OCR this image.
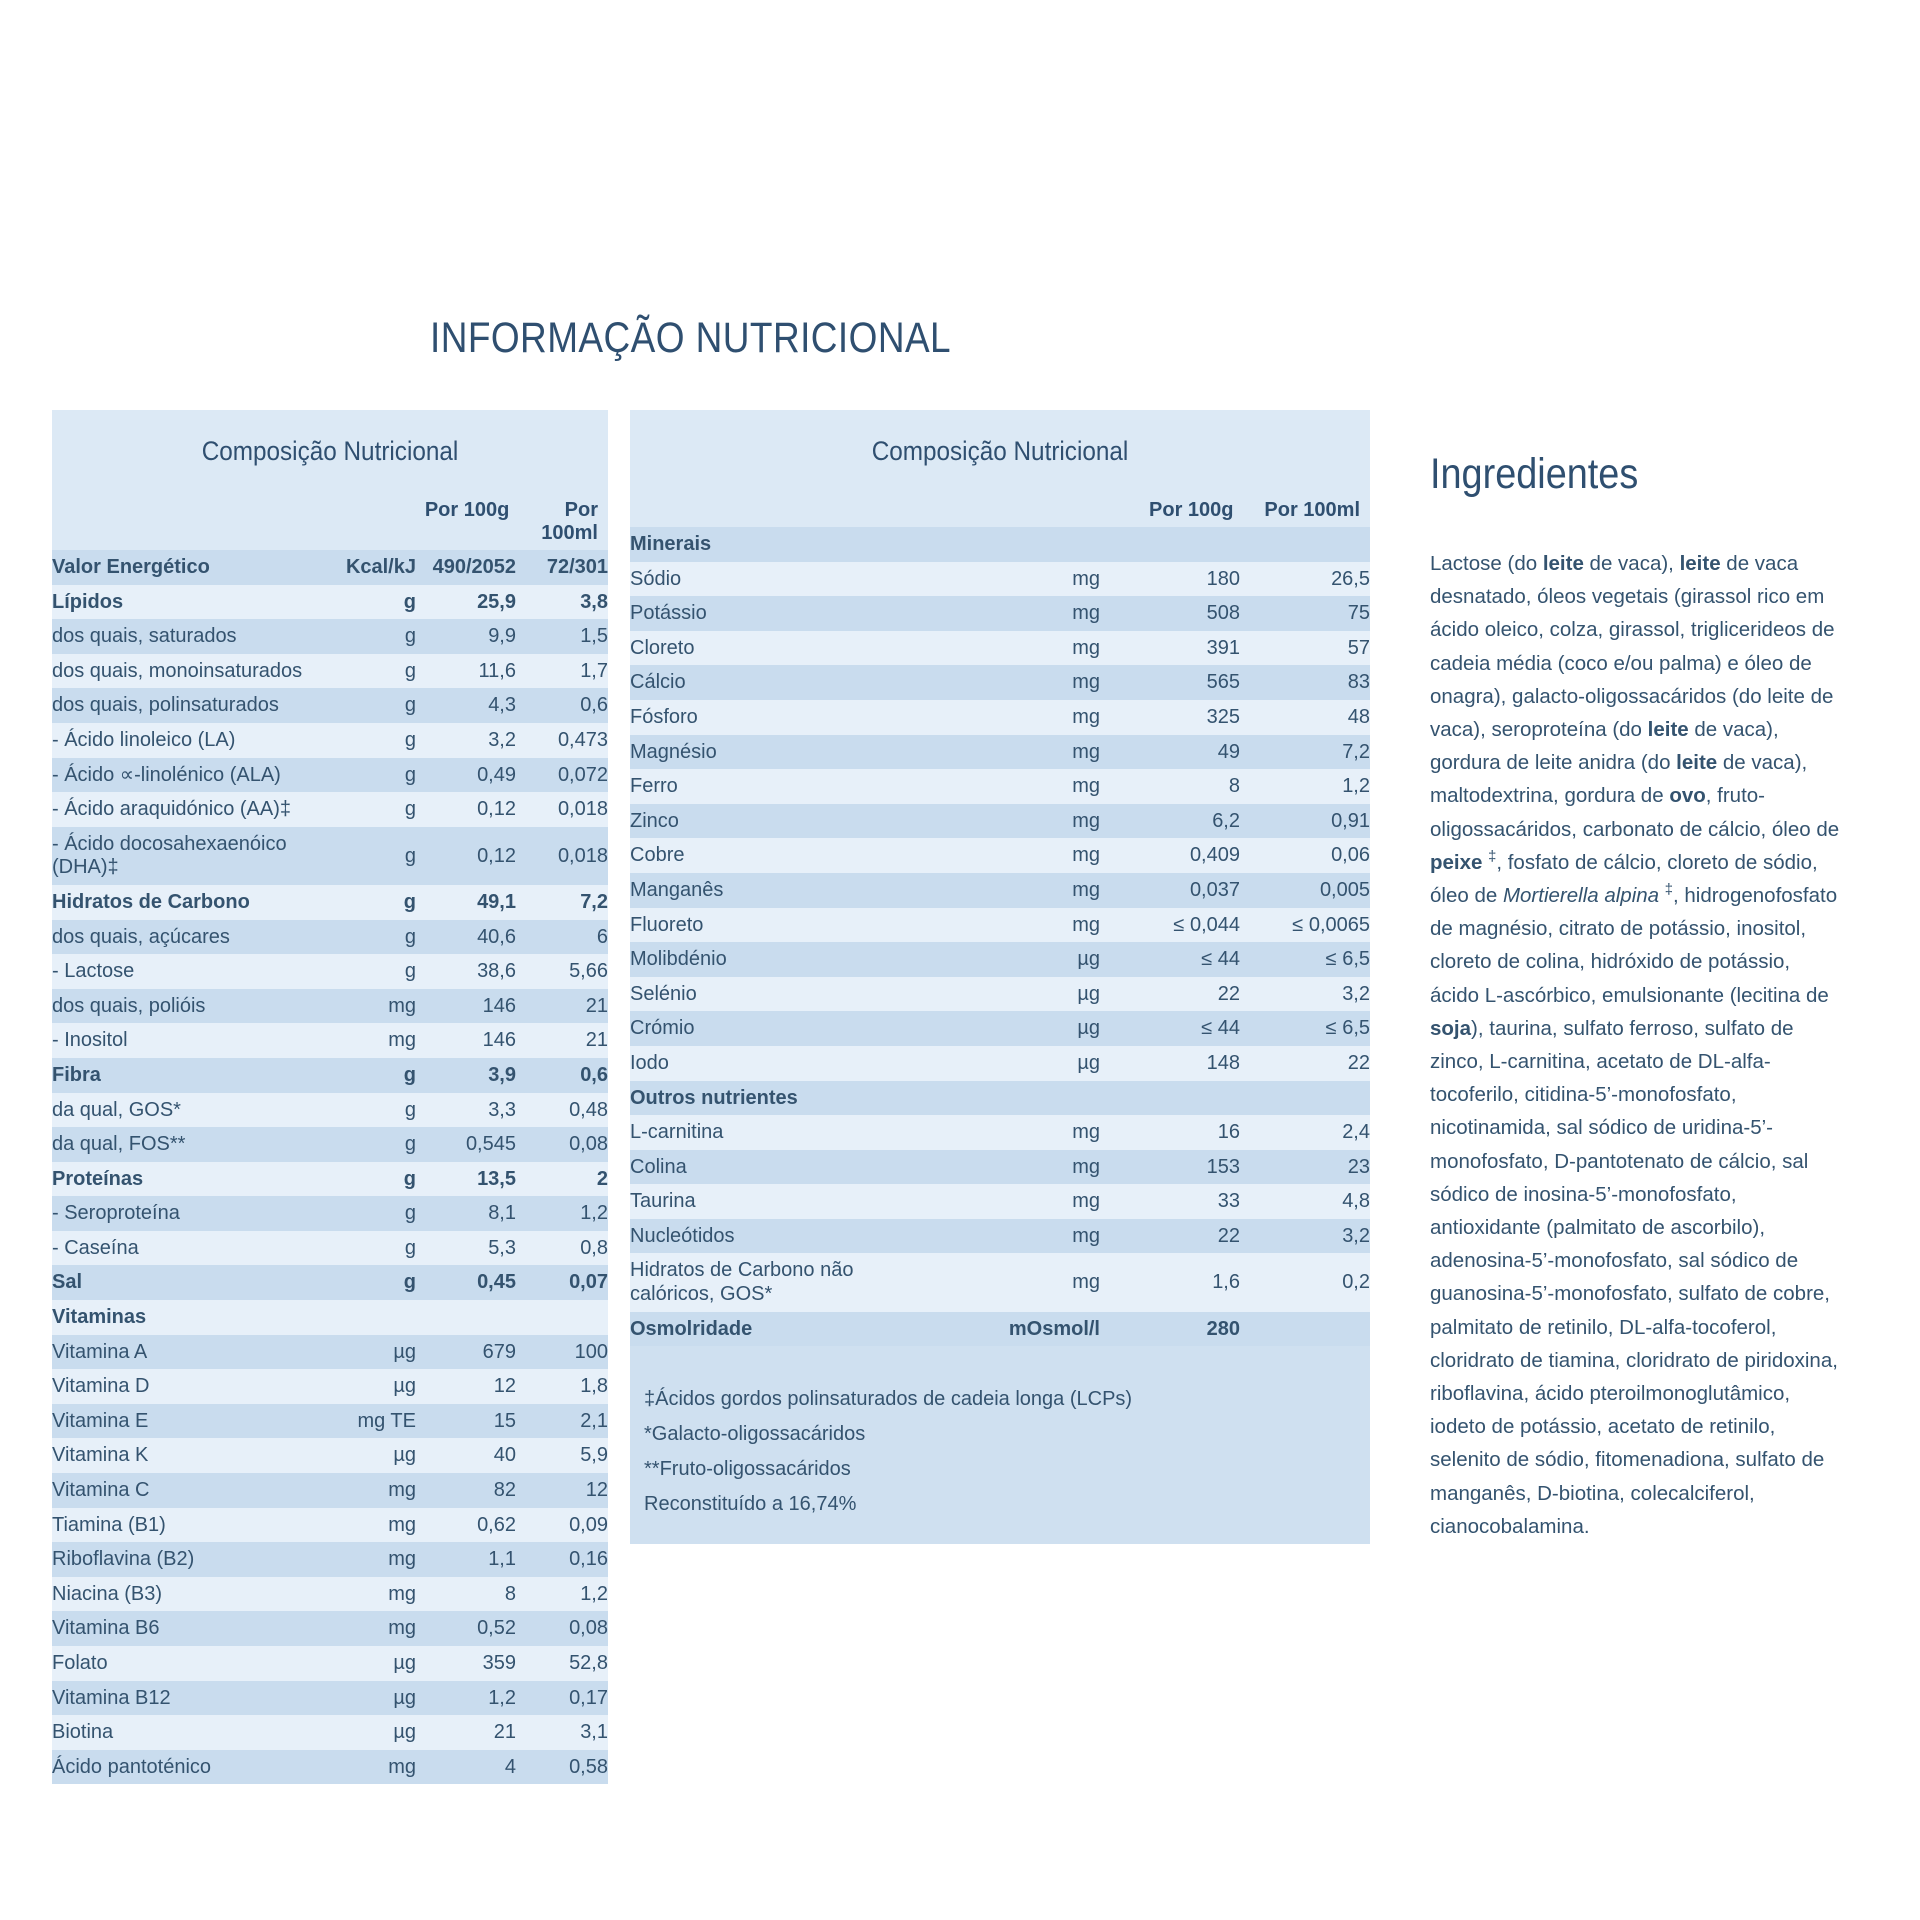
INFORMAÇÃO NUTRICIONAL
Composição Nutricional
Por 100g	Por 100ml
Valor Energético	Kcal/kJ	490/2052	72/301
Lípidos	g	25,9	3,8
dos quais, saturados	g	9,9	1,5
dos quais, monoinsaturados	g	11,6	1,7
dos quais, polinsaturados	g	4,3	0,6
- Ácido linoleico (LA)	g	3,2	0,473
- Ácido ∝-linolénico (ALA)	g	0,49	0,072
- Ácido araquidónico (AA)‡	g	0,12	0,018
- Ácido docosahexaenóico (DHA)‡	g	0,12	0,018
Hidratos de Carbono	g	49,1	7,2
dos quais, açúcares	g	40,6	6
- Lactose	g	38,6	5,66
dos quais, polióis	mg	146	21
- Inositol	mg	146	21
Fibra	g	3,9	0,6
da qual, GOS*	g	3,3	0,48
da qual, FOS**	g	0,545	0,08
Proteínas	g	13,5	2
- Seroproteína	g	8,1	1,2
- Caseína	g	5,3	0,8
Sal	g	0,45	0,07
Vitaminas			
Vitamina A	µg	679	100
Vitamina D	µg	12	1,8
Vitamina E	mg TE	15	2,1
Vitamina K	µg	40	5,9
Vitamina C	mg	82	12
Tiamina (B1)	mg	0,62	0,09
Riboflavina (B2)	mg	1,1	0,16
Niacina (B3)	mg	8	1,2
Vitamina B6	mg	0,52	0,08
Folato	µg	359	52,8
Vitamina B12	µg	1,2	0,17
Biotina	µg	21	3,1
Ácido pantoténico	mg	4	0,58
Composição Nutricional
Por 100g	Por 100ml
Minerais			
Sódio	mg	180	26,5
Potássio	mg	508	75
Cloreto	mg	391	57
Cálcio	mg	565	83
Fósforo	mg	325	48
Magnésio	mg	49	7,2
Ferro	mg	8	1,2
Zinco	mg	6,2	0,91
Cobre	mg	0,409	0,06
Manganês	mg	0,037	0,005
Fluoreto	mg	≤ 0,044	≤ 0,0065
Molibdénio	µg	≤ 44	≤ 6,5
Selénio	µg	22	3,2
Crómio	µg	≤ 44	≤ 6,5
Iodo	µg	148	22
Outros nutrientes			
L-carnitina	mg	16	2,4
Colina	mg	153	23
Taurina	mg	33	4,8
Nucleótidos	mg	22	3,2
Hidratos de Carbono não calóricos, GOS*	mg	1,6	0,2
Osmolridade	mOsmol/l	280	
‡Ácidos gordos polinsaturados de cadeia longa (LCPs)
*Galacto-oligossacáridos
**Fruto-oligossacáridos
Reconstituído a 16,74%
Ingredientes
Lactose (do leite de vaca), leite de vaca desnatado, óleos vegetais (girassol rico em ácido oleico, colza, girassol, triglicerideos de cadeia média (coco e/ou palma) e óleo de onagra), galacto-oligossacáridos (do leite de vaca), seroproteína (do leite de vaca), gordura de leite anidra (do leite de vaca), maltodextrina, gordura de ovo, fruto-oligossacáridos, carbonato de cálcio, óleo de peixe ‡, fosfato de cálcio, cloreto de sódio, óleo de Mortierella alpina ‡, hidrogenofosfato de magnésio, citrato de potássio, inositol, cloreto de colina, hidróxido de potássio, ácido L-ascórbico, emulsionante (lecitina de soja), taurina, sulfato ferroso, sulfato de zinco, L-carnitina, acetato de DL-alfa-tocoferilo, citidina-5’-monofosfato, nicotinamida, sal sódico de uridina-5’-monofosfato, D-pantotenato de cálcio, sal sódico de inosina-5’-monofosfato, antioxidante (palmitato de ascorbilo), adenosina-5’-monofosfato, sal sódico de guanosina-5’-monofosfato, sulfato de cobre, palmitato de retinilo, DL-alfa-tocoferol, cloridrato de tiamina, cloridrato de piridoxina, riboflavina, ácido pteroilmonoglutâmico, iodeto de potássio, acetato de retinilo, selenito de sódio, fitomenadiona, sulfato de manganês, D-biotina, colecalciferol, cianocobalamina.
